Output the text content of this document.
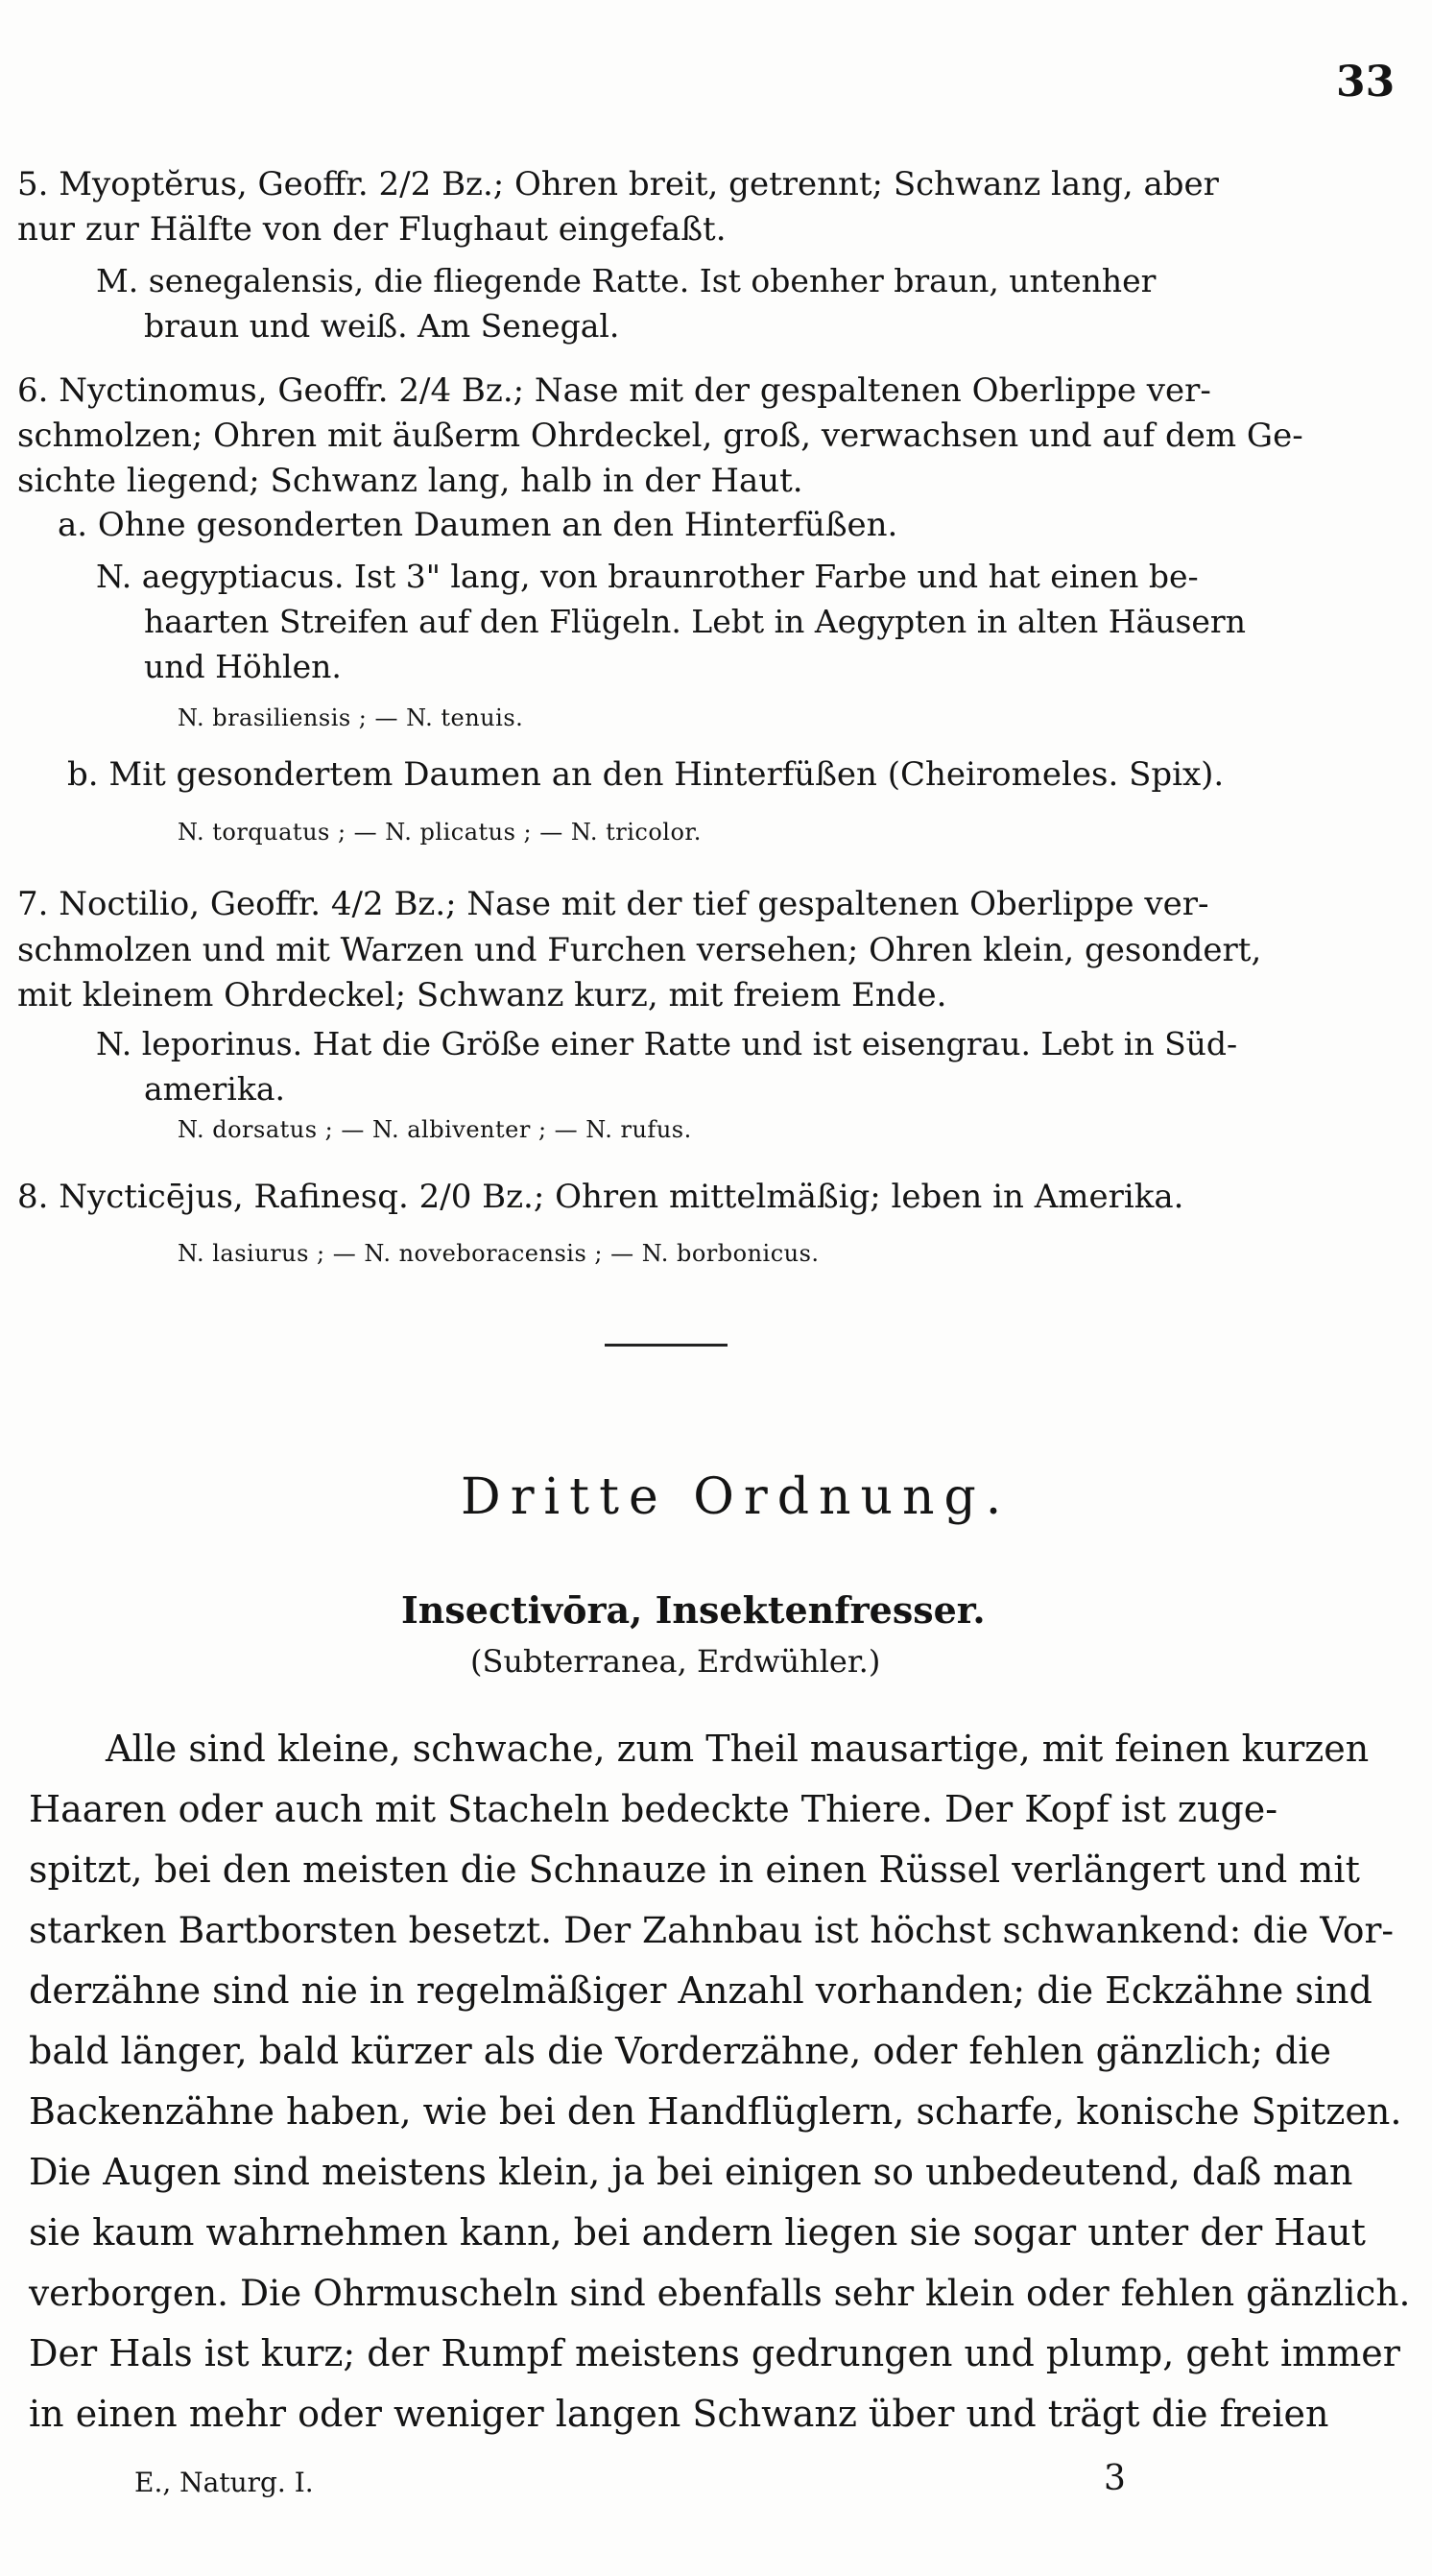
33
5. Myoptĕrus, Geoffr. 2/2 Bz.; Ohren breit, getrennt; Schwanz lang, aber
nur zur Hälfte von der Flughaut eingefaßt.
M. senegalensis, die fliegende Ratte. Ist obenher braun, untenher
braun und weiß. Am Senegal.
6. Nyctinomus, Geoffr. 2/4 Bz.; Nase mit der gespaltenen Oberlippe ver-
schmolzen; Ohren mit äußerm Ohrdeckel, groß, verwachsen und auf dem Ge-
sichte liegend; Schwanz lang, halb in der Haut.
a. Ohne gesonderten Daumen an den Hinterfüßen.
N. aegyptiacus. Ist 3" lang, von braunrother Farbe und hat einen be-
haarten Streifen auf den Flügeln. Lebt in Aegypten in alten Häusern
und Höhlen.
N. brasiliensis ; — N. tenuis.
b. Mit gesondertem Daumen an den Hinterfüßen (Cheiromeles. Spix).
N. torquatus ; — N. plicatus ; — N. tricolor.
7. Noctilio, Geoffr. 4/2 Bz.; Nase mit der tief gespaltenen Oberlippe ver-
schmolzen und mit Warzen und Furchen versehen; Ohren klein, gesondert,
mit kleinem Ohrdeckel; Schwanz kurz, mit freiem Ende.
N. leporinus. Hat die Größe einer Ratte und ist eisengrau. Lebt in Süd-
amerika.
N. dorsatus ; — N. albiventer ; — N. rufus.
8. Nycticējus, Rafinesq. 2/0 Bz.; Ohren mittelmäßig; leben in Amerika.
N. lasiurus ; — N. noveboracensis ; — N. borbonicus.
Dritte Ordnung.
Insectivōra, Insektenfresser.
(Subterranea, Erdwühler.)
Alle sind kleine, schwache, zum Theil mausartige, mit feinen kurzen
Haaren oder auch mit Stacheln bedeckte Thiere. Der Kopf ist zuge-
spitzt, bei den meisten die Schnauze in einen Rüssel verlängert und mit
starken Bartborsten besetzt. Der Zahnbau ist höchst schwankend: die Vor-
derzähne sind nie in regelmäßiger Anzahl vorhanden; die Eckzähne sind
bald länger, bald kürzer als die Vorderzähne, oder fehlen gänzlich; die
Backenzähne haben, wie bei den Handflüglern, scharfe, konische Spitzen.
Die Augen sind meistens klein, ja bei einigen so unbedeutend, daß man
sie kaum wahrnehmen kann, bei andern liegen sie sogar unter der Haut
verborgen. Die Ohrmuscheln sind ebenfalls sehr klein oder fehlen gänzlich.
Der Hals ist kurz; der Rumpf meistens gedrungen und plump, geht immer
in einen mehr oder weniger langen Schwanz über und trägt die freien
E., Naturg. I.	3
